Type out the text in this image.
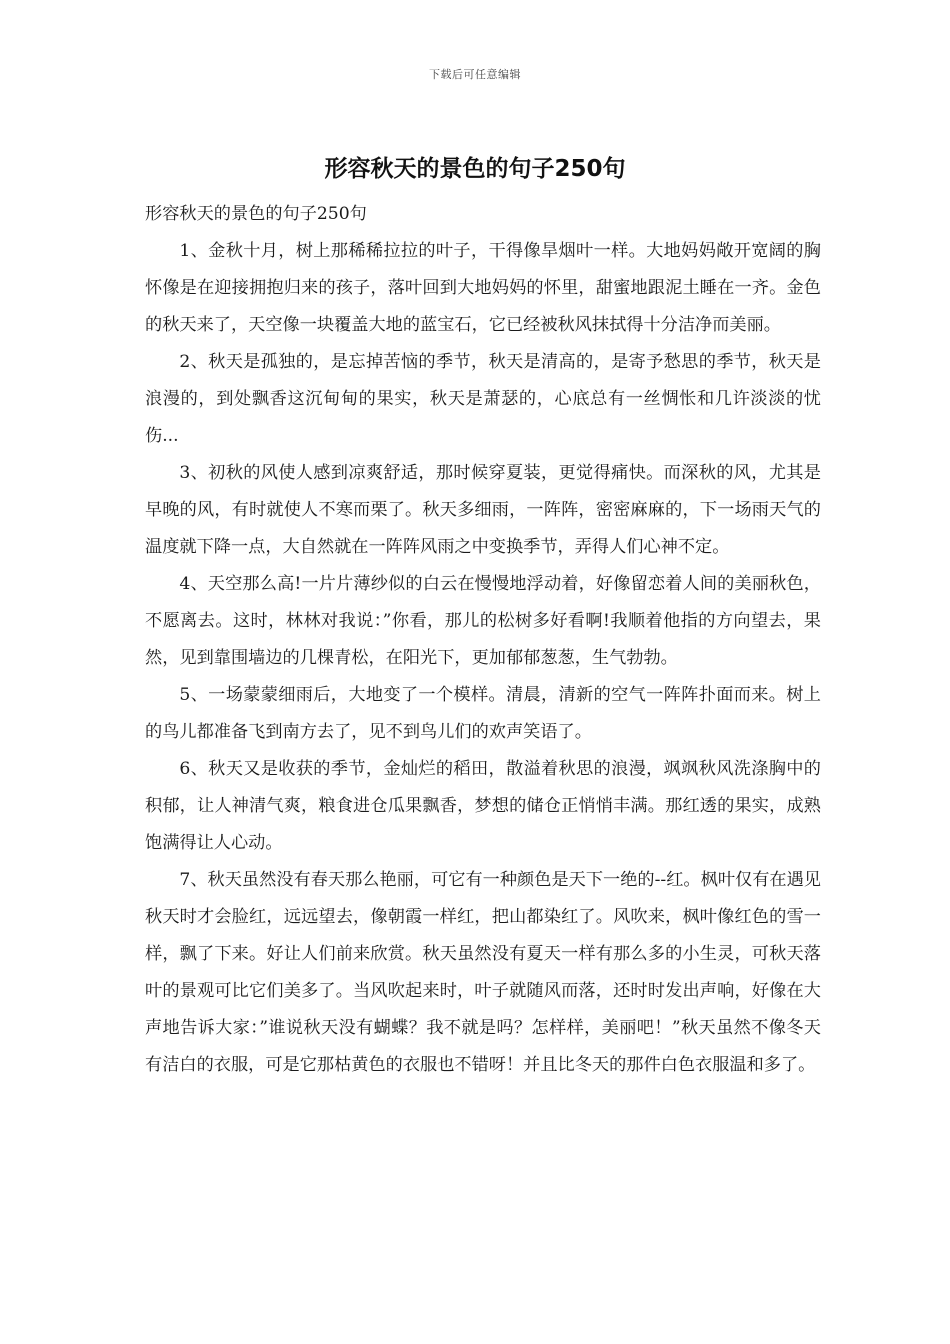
下载后可任意编辑
形容秋天的景色的句子250句

形容秋天的景色的句子250句

1、金秋十月，树上那稀稀拉拉的叶子，干得像旱烟叶一样。大地妈妈敞开宽阔的胸怀像是在迎接拥抱归来的孩子，落叶回到大地妈妈的怀里，甜蜜地跟泥土睡在一齐。金色的秋天来了，天空像一块覆盖大地的蓝宝石，它已经被秋风抹拭得十分洁净而美丽。

2、秋天是孤独的，是忘掉苦恼的季节，秋天是清高的，是寄予愁思的季节，秋天是浪漫的，到处飘香这沉甸甸的果实，秋天是萧瑟的，心底总有一丝惆怅和几许淡淡的忧伤...

3、初秋的风使人感到凉爽舒适，那时候穿夏装，更觉得痛快。而深秋的风，尤其是早晚的风，有时就使人不寒而栗了。秋天多细雨，一阵阵，密密麻麻的，下一场雨天气的温度就下降一点，大自然就在一阵阵风雨之中变换季节，弄得人们心神不定。

4、天空那么高!一片片薄纱似的白云在慢慢地浮动着，好像留恋着人间的美丽秋色，不愿离去。这时，林林对我说：”你看，那儿的松树多好看啊!我顺着他指的方向望去，果然，见到靠围墙边的几棵青松，在阳光下，更加郁郁葱葱，生气勃勃。

5、一场蒙蒙细雨后，大地变了一个模样。清晨，清新的空气一阵阵扑面而来。树上的鸟儿都准备飞到南方去了，见不到鸟儿们的欢声笑语了。

6、秋天又是收获的季节，金灿烂的稻田，散溢着秋思的浪漫，飒飒秋风洗涤胸中的积郁，让人神清气爽，粮食进仓瓜果飘香，梦想的储仓正悄悄丰满。那红透的果实，成熟饱满得让人心动。

7、秋天虽然没有春天那么艳丽，可它有一种颜色是天下一绝的--红。枫叶仅有在遇见秋天时才会脸红，远远望去，像朝霞一样红，把山都染红了。风吹来，枫叶像红色的雪一样，飘了下来。好让人们前来欣赏。秋天虽然没有夏天一样有那么多的小生灵，可秋天落叶的景观可比它们美多了。当风吹起来时，叶子就随风而落，还时时发出声响，好像在大声地告诉大家：”谁说秋天没有蝴蝶？我不就是吗？怎样样，美丽吧！”秋天虽然不像冬天有洁白的衣服，可是它那枯黄色的衣服也不错呀！并且比冬天的那件白色衣服温和多了。
